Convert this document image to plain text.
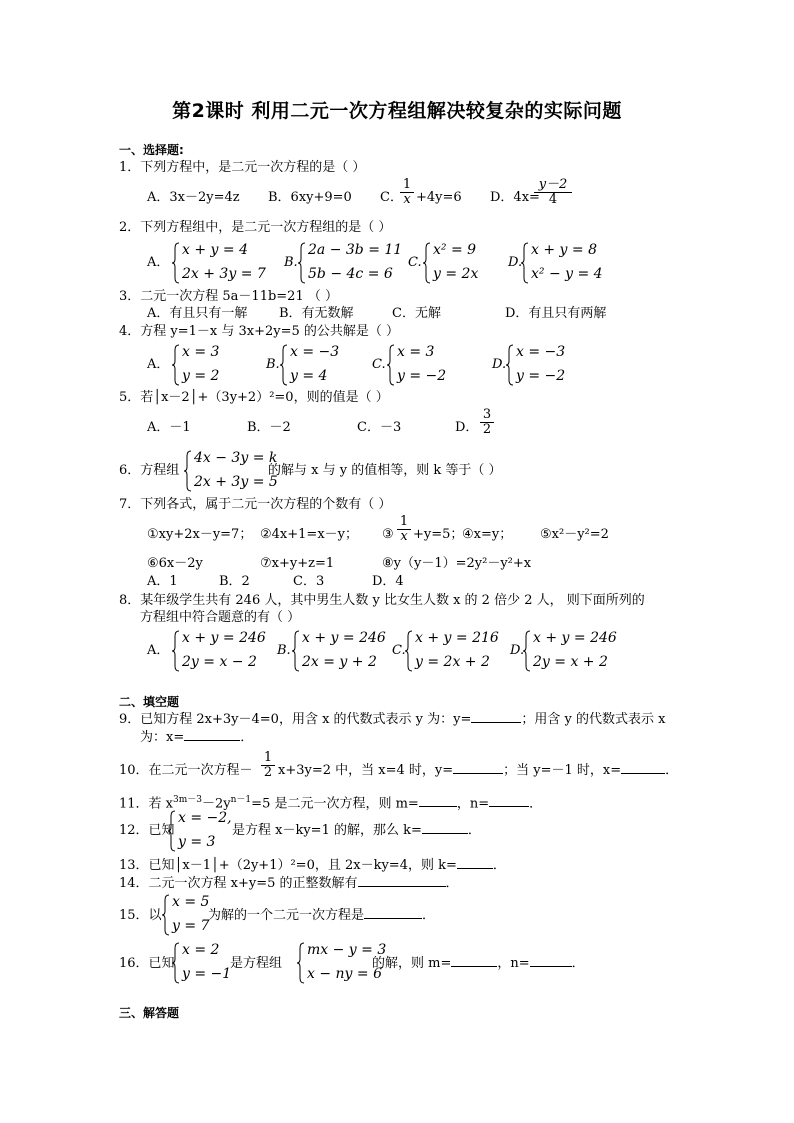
第2课时 利用二元一次方程组解决较复杂的实际问题
一、选择题:
1．下列方程中，是二元一次方程的是（ ）
A．3x－2y=4z B．6xy+9=0 C．
$\frac{1}{x} +4y=6$ D．4x=
$\frac{y-2}{4}$
2．下列方程组中，是二元一次方程组的是（ ）
A．
x + y = 4
2x + 3y = 7
B.
2a − 3b = 11
5b − 4c = 6
C.
x² = 9
y = 2x
D.
x + y = 8
x² − y = 4
3．二元一次方程 5a－11b=21 （ ）
A．有且只有一解 B．有无数解	C．无解	D．有且只有两解
4．方程 y=1－x 与 3x+2y=5 的公共解是（ ）
A．
x = 3
y = 2
B.
x = −3
y = 4
C.
x = 3
y = −2
D.
x = −3
y = −2
5．若│x－2│+（3y+2）²=0，则的值是（ ）
A．－1	B．－2	C．－3	D． $\frac{3}{2}$
6．方程组
4x − 3y = k
2x + 3y = 5
的解与 x 与 y 的值相等，则 k 等于（ ）
7．下列各式，属于二元一次方程的个数有（ ）
①xy+2x－y=7； ②4x+1=x－y； ③ $\frac{1}{x} +y=5$；
④x=y； ⑤x²－y²=2
⑥6x－2y	⑦x+y+z=1	⑧y（y－1）=2y²－y²+x
A．1	B．2	C．3	D．4
8．某年级学生共有 246 人，其中男生人数 y 比女生人数 x 的 2 倍少 2 人， 则下面所列的
方程组中符合题意的有（ ）
A．
x + y = 246
2y = x − 2
B.
x + y = 246
2x = y + 2
C.
x + y = 216
y = 2x + 2
D.
x + y = 246
2y = x + 2
二、填空题
9．已知方程 2x+3y－4=0，用含 x 的代数式表示 y 为：y=	；用含 y 的代数式表示 x
为：x=	．
10．在二元一次方程－ $\frac{1}{2} x+3y=2$ 中，当 x=4 时，y=	；当 y=－1 时，x=	．
11．若 $x^{3m-3}-2y^{n-1}=5$ 是二元一次方程，则 m=	，n=	．
12．已知
x = −2,
y = 3
是方程 x－ky=1 的解，那么 k=	．
13．已知│x－1│+（2y+1）²=0，且 2x－ky=4，则 k=	．
14．二元一次方程 x+y=5 的正整数解有	．
15．以
x = 5
y = 7
为解的一个二元一次方程是	．
16．已知
x = 2
y = −1
是方程组
mx − y = 3
x − ny = 6
的解，则 m=	，n=	．
三、解答题
